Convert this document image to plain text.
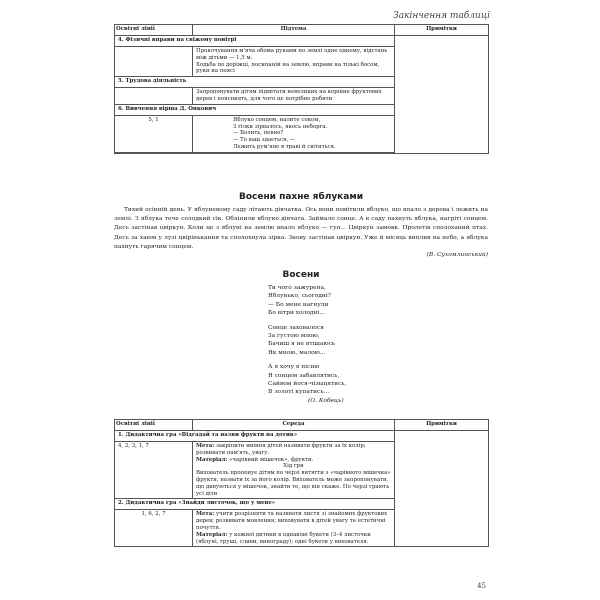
Закінчення таблиці
Освітні лінії	Підтема	Примітки
4. Фізичні вправи на свіжому повітрі		

	Прокочування м'яча обома руками по землі одне одному, відстань між дітьми — 1,5 м.
Ходьба по доріжці, посипаній на землю, вправи на тількі босом, руки на поясі	

5. Трудова діяльність		

	Запропонувати дітям підмітати невеликих на корінне фруктових дерев і поясниять, для чого це потрібно робити	

6. Вивчення вірша Д. Онкович		
5, 1	Яблуко сонцем, налите соком,
З гілки зірвалось, якось неборга.
— Болить, певно?
— То ваш здається, —
Лежить рум'яне в траві й світиться.	

Восени пахне яблуками
Тихий осінній день. У яблуневому саду літають дівчатка. Ось вони помітили яблуко, що впало з дерева і лежить на землі. З яблука тече солодкий сік. Обліпили яблуко дівчата. Займало сонце. А в саду пахнуть яблука, нагріті сонцем. Десь застінав цвіркун. Коли це з яблуні на землю впало яблуко — гуп... Цвіркун замовк. Пролетів сполоханий птах. Десь за хаюм у лузі цвірінькання та сполохнула зірка. Знову застінав цвіркун. Уже й місяць виплив на небо, а яблука пахнуть гарячим сонцем.
(В. Сухомлинський)
Восени
Ти чого зажурена,
Яблунько, сьогодні?
— Бо мене нагнули
Бо вітри холодні...
Сонце заховалося
За густою млою,
Бачиш я не втішаюсь
Як мною, малою...
А я хочу в пісню
Я сонцем забавлятись,
Сайвом йося-чізыцятись,
В золоті купатись...
(О. Кобець)
Освітні лінії	Середа	Примітки
1. Дидактична гра «Відгадай та назви фрукти на дотик»		
4, 2, 3, 1, 7	Мета: закріпити вміння дітей називати фрукти за їх колір; розвивати пам'ять, увагу.
Матеріал: «чарівний мішечок», фрукти.
Хід гри
Вихователь пропонує дітям по черзі витягти з «чарівного мішечка» фрукти, назвати їх за його колір. Вихователь може запропонувати, що дивуються у мішечок, знайти те, що він скаже. По черзі грають усі діти	

2. Дидактична гра «Знайди листочок, що у мене»		
1, 6, 2, 7	Мета: учити розрізняти та називати листя зі знайомих фруктових дерев; розвивати мовлення; виховувати в дітей увагу та естетичні почуття.
Матеріал: у кожної дитини в однакові букети (3–4 листочки (яблуні, груші, сливи, винограду); одні букети у вихователя.	
45
